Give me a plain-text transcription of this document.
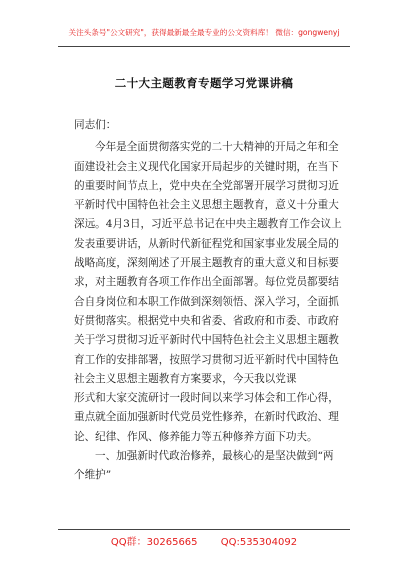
关注头条号"公文研究"，获得最新最全最专业的公文资料库！ 微信：gongwenyj
二十大主题教育专题学习党课讲稿
同志们：
今年是全面贯彻落实党的二十大精神的开局之年和全
面建设社会主义现代化国家开局起步的关键时期，在当下
的重要时间节点上，党中央在全党部署开展学习贯彻习近
平新时代中国特色社会主义思想主题教育，意义十分重大
深远。4月3日，习近平总书记在中央主题教育工作会议上
发表重要讲话，从新时代新征程党和国家事业发展全局的
战略高度，深刻阐述了开展主题教育的重大意义和目标要
求，对主题教育各项工作作出全面部署。每位党员都要结
合自身岗位和本职工作做到深刻领悟、深入学习，全面抓
好贯彻落实。根据党中央和省委、省政府和市委、市政府
关于学习贯彻习近平新时代中国特色社会主义思想主题教
育工作的安排部署，按照学习贯彻习近平新时代中国特色
社会主义思想主题教育方案要求，今天我以党课
形式和大家交流研讨一段时间以来学习体会和工作心得，
重点就全面加强新时代党员党性修养，在新时代政治、理
论、纪律、作风、修养能力等五种修养方面下功夫。
一、加强新时代政治修养，最核心的是坚决做到“两
个维护”
QQ群：30265665 QQ:535304092
